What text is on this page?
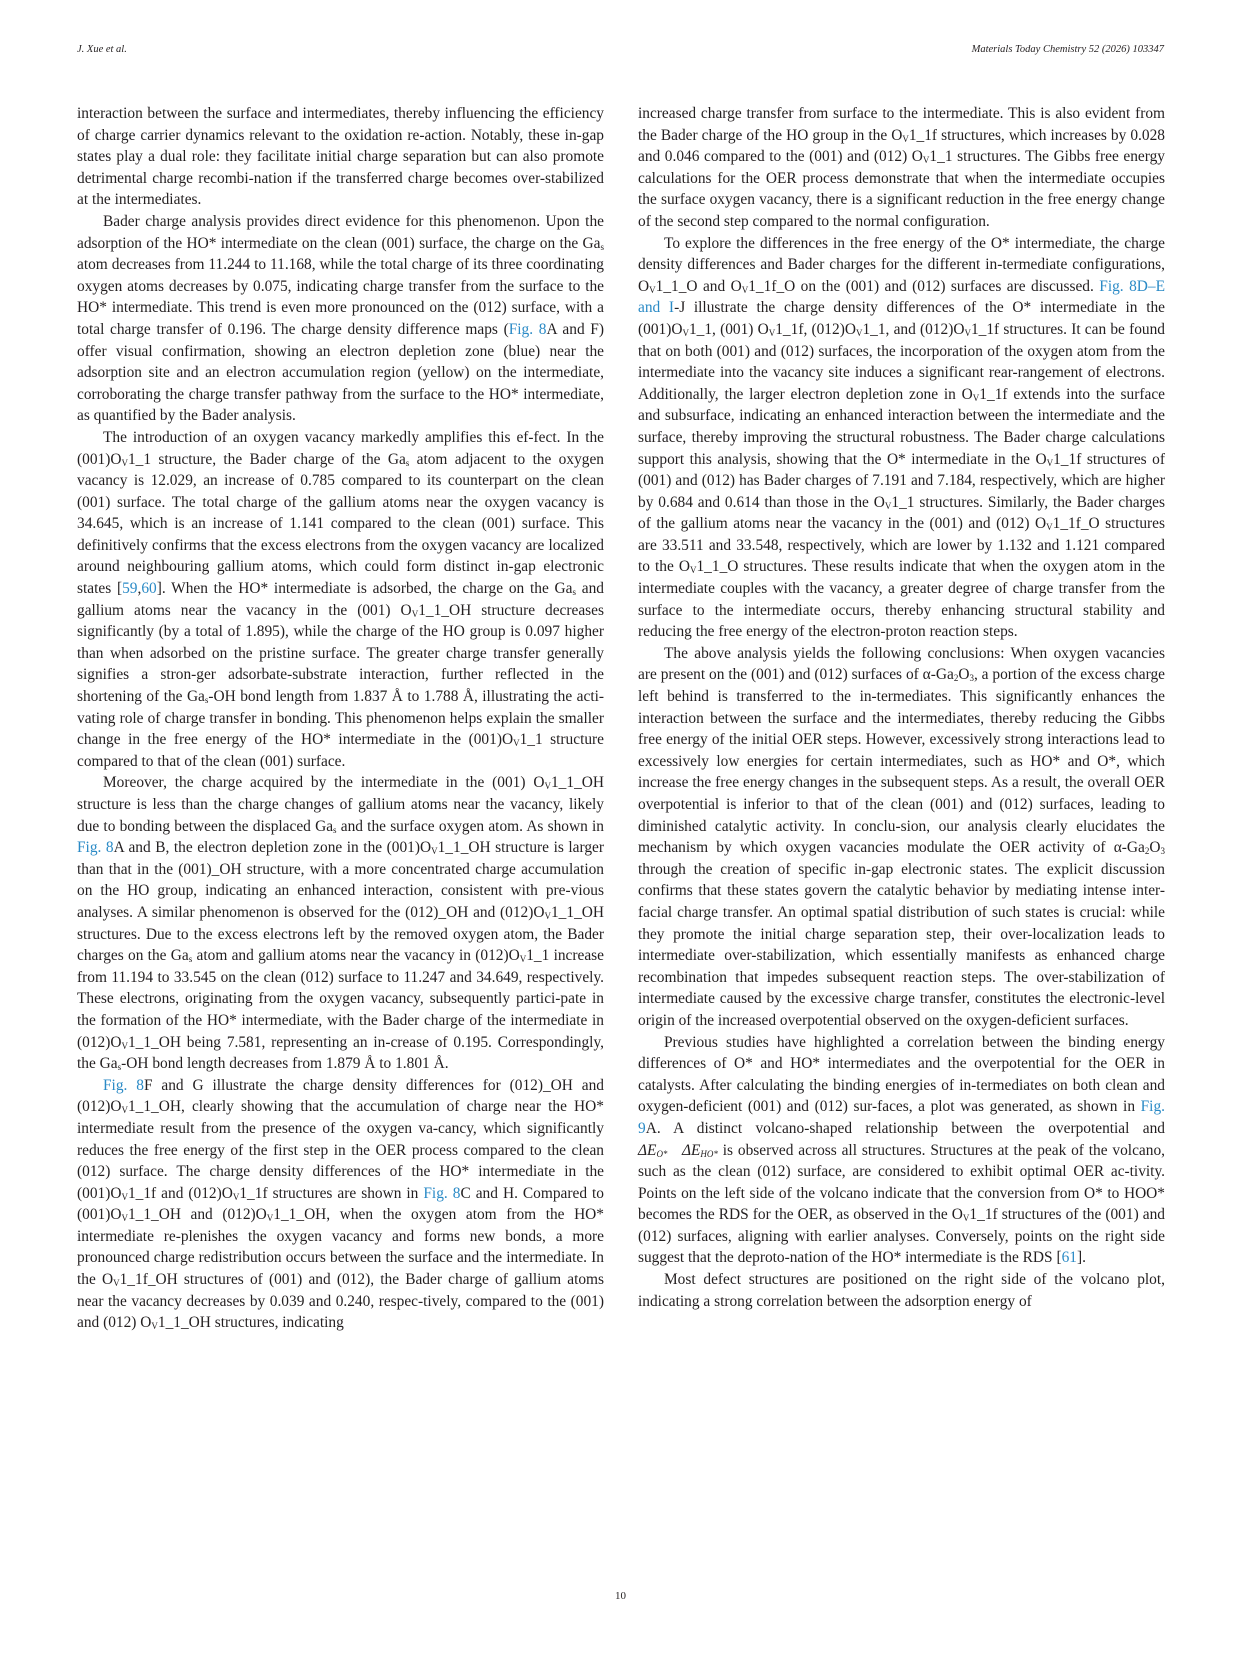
J. Xue et al.	Materials Today Chemistry 52 (2026) 103347

interaction between the surface and intermediates, thereby influencing the efficiency of charge carrier dynamics relevant to the oxidation re-action. Notably, these in-gap states play a dual role: they facilitate initial charge separation but can also promote detrimental charge recombi-nation if the transferred charge becomes over-stabilized at the intermediates.

Bader charge analysis provides direct evidence for this phenomenon. Upon the adsorption of the HO* intermediate on the clean (001) surface, the charge on the $Ga_s$ atom decreases from 11.244 to 11.168, while the total charge of its three coordinating oxygen atoms decreases by 0.075, indicating charge transfer from the surface to the HO* intermediate. This trend is even more pronounced on the (012) surface, with a total charge transfer of 0.196. The charge density difference maps (Fig. 8A and F) offer visual confirmation, showing an electron depletion zone (blue) near the adsorption site and an electron accumulation region (yellow) on the intermediate, corroborating the charge transfer pathway from the surface to the HO* intermediate, as quantified by the Bader analysis.

The introduction of an oxygen vacancy markedly amplifies this ef-fect. In the $(001)O_V1\_1$ structure, the Bader charge of the $Ga_s$ atom adjacent to the oxygen vacancy is 12.029, an increase of 0.785 compared to its counterpart on the clean (001) surface. The total charge of the gallium atoms near the oxygen vacancy is 34.645, which is an increase of 1.141 compared to the clean (001) surface. This definitively confirms that the excess electrons from the oxygen vacancy are localized around neighbouring gallium atoms, which could form distinct in-gap electronic states [59,60]. When the HO* intermediate is adsorbed, the charge on the $Ga_s$ and gallium atoms near the vacancy in the (001) $O_V1\_1\_OH$ structure decreases significantly (by a total of 1.895), while the charge of the HO group is 0.097 higher than when adsorbed on the pristine surface. The greater charge transfer generally signifies a stron-ger adsorbate-substrate interaction, further reflected in the shortening of the $Ga_s-OH$ bond length from 1.837 Å to 1.788 Å, illustrating the acti-vating role of charge transfer in bonding. This phenomenon helps explain the smaller change in the free energy of the HO* intermediate in the $(001)O_V1\_1$ structure compared to that of the clean (001) surface.

Moreover, the charge acquired by the intermediate in the (001) $O_V1\_1\_OH$ structure is less than the charge changes of gallium atoms near the vacancy, likely due to bonding between the displaced $Ga_s$ and the surface oxygen atom. As shown in Fig. 8A and B, the electron depletion zone in the $(001)O_V1\_1\_OH$ structure is larger than that in the (001)_OH structure, with a more concentrated charge accumulation on the HO group, indicating an enhanced interaction, consistent with pre-vious analyses. A similar phenomenon is observed for the (012)_OH and $(012)O_V1\_1\_OH$ structures. Due to the excess electrons left by the removed oxygen atom, the Bader charges on the $Ga_s$ atom and gallium atoms near the vacancy in $(012)O_V1\_1$ increase from 11.194 to 33.545 on the clean (012) surface to 11.247 and 34.649, respectively. These electrons, originating from the oxygen vacancy, subsequently partici-pate in the formation of the HO* intermediate, with the Bader charge of the intermediate in $(012)O_V1\_1\_OH$ being 7.581, representing an in-crease of 0.195. Correspondingly, the $Ga_s-OH$ bond length decreases from 1.879 Å to 1.801 Å.

Fig. 8F and G illustrate the charge density differences for (012)_OH and $(012)O_V1\_1\_OH$, clearly showing that the accumulation of charge near the HO* intermediate result from the presence of the oxygen va-cancy, which significantly reduces the free energy of the first step in the OER process compared to the clean (012) surface. The charge density differences of the HO* intermediate in the $(001)O_V1\_1f$ and $(012)O_V1\_1f$ structures are shown in Fig. 8C and H. Compared to $(001)O_V1\_1\_OH$ and $(012)O_V1\_1\_OH$, when the oxygen atom from the HO* intermediate re-plenishes the oxygen vacancy and forms new bonds, a more pronounced charge redistribution occurs between the surface and the intermediate. In the $O_V1\_1f\_OH$ structures of (001) and (012), the Bader charge of gallium atoms near the vacancy decreases by 0.039 and 0.240, respec-tively, compared to the (001) and (012) $O_V1\_1\_OH$ structures, indicating

increased charge transfer from surface to the intermediate. This is also evident from the Bader charge of the HO group in the $O_V1\_1f$ structures, which increases by 0.028 and 0.046 compared to the (001) and (012) $O_V1\_1$ structures. The Gibbs free energy calculations for the OER process demonstrate that when the intermediate occupies the surface oxygen vacancy, there is a significant reduction in the free energy change of the second step compared to the normal configuration.

To explore the differences in the free energy of the O* intermediate, the charge density differences and Bader charges for the different in-termediate configurations, $O_V1\_1\_O$ and $O_V1\_1f\_O$ on the (001) and (012) surfaces are discussed. Fig. 8D–E and I-J illustrate the charge density differences of the O* intermediate in the $(001)O_V1\_1$, (001) $O_V1\_1f$, $(012)O_V1\_1$, and $(012)O_V1\_1f$ structures. It can be found that on both (001) and (012) surfaces, the incorporation of the oxygen atom from the intermediate into the vacancy site induces a significant rear-rangement of electrons. Additionally, the larger electron depletion zone in $O_V1\_1f$ extends into the surface and subsurface, indicating an enhanced interaction between the intermediate and the surface, thereby improving the structural robustness. The Bader charge calculations support this analysis, showing that the O* intermediate in the $O_V1\_1f$ structures of (001) and (012) has Bader charges of 7.191 and 7.184, respectively, which are higher by 0.684 and 0.614 than those in the $O_V1\_1$ structures. Similarly, the Bader charges of the gallium atoms near the vacancy in the (001) and (012) $O_V1\_1f\_O$ structures are 33.511 and 33.548, respectively, which are lower by 1.132 and 1.121 compared to the $O_V1\_1\_O$ structures. These results indicate that when the oxygen atom in the intermediate couples with the vacancy, a greater degree of charge transfer from the surface to the intermediate occurs, thereby enhancing structural stability and reducing the free energy of the electron-proton reaction steps.

The above analysis yields the following conclusions: When oxygen vacancies are present on the (001) and (012) surfaces of $\alpha-Ga_2O_3$, a portion of the excess charge left behind is transferred to the in-termediates. This significantly enhances the interaction between the surface and the intermediates, thereby reducing the Gibbs free energy of the initial OER steps. However, excessively strong interactions lead to excessively low energies for certain intermediates, such as HO* and O*, which increase the free energy changes in the subsequent steps. As a result, the overall OER overpotential is inferior to that of the clean (001) and (012) surfaces, leading to diminished catalytic activity. In conclu-sion, our analysis clearly elucidates the mechanism by which oxygen vacancies modulate the OER activity of $\alpha-Ga_2O_3$ through the creation of specific in-gap electronic states. The explicit discussion confirms that these states govern the catalytic behavior by mediating intense inter-facial charge transfer. An optimal spatial distribution of such states is crucial: while they promote the initial charge separation step, their over-localization leads to intermediate over-stabilization, which essentially manifests as enhanced charge recombination that impedes subsequent reaction steps. The over-stabilization of intermediate caused by the excessive charge transfer, constitutes the electronic-level origin of the increased overpotential observed on the oxygen-deficient surfaces.

Previous studies have highlighted a correlation between the binding energy differences of O* and HO* intermediates and the overpotential for the OER in catalysts. After calculating the binding energies of in-termediates on both clean and oxygen-deficient (001) and (012) sur-faces, a plot was generated, as shown in Fig. 9A. A distinct volcano-shaped relationship between the overpotential and $\Delta E_{O*}$ $\Delta E_{HO*}$ is observed across all structures. Structures at the peak of the volcano, such as the clean (012) surface, are considered to exhibit optimal OER ac-tivity. Points on the left side of the volcano indicate that the conversion from O* to HOO* becomes the RDS for the OER, as observed in the $O_V1\_1f$ structures of the (001) and (012) surfaces, aligning with earlier analyses. Conversely, points on the right side suggest that the deproto-nation of the HO* intermediate is the RDS [61].

Most defect structures are positioned on the right side of the volcano plot, indicating a strong correlation between the adsorption energy of

10
